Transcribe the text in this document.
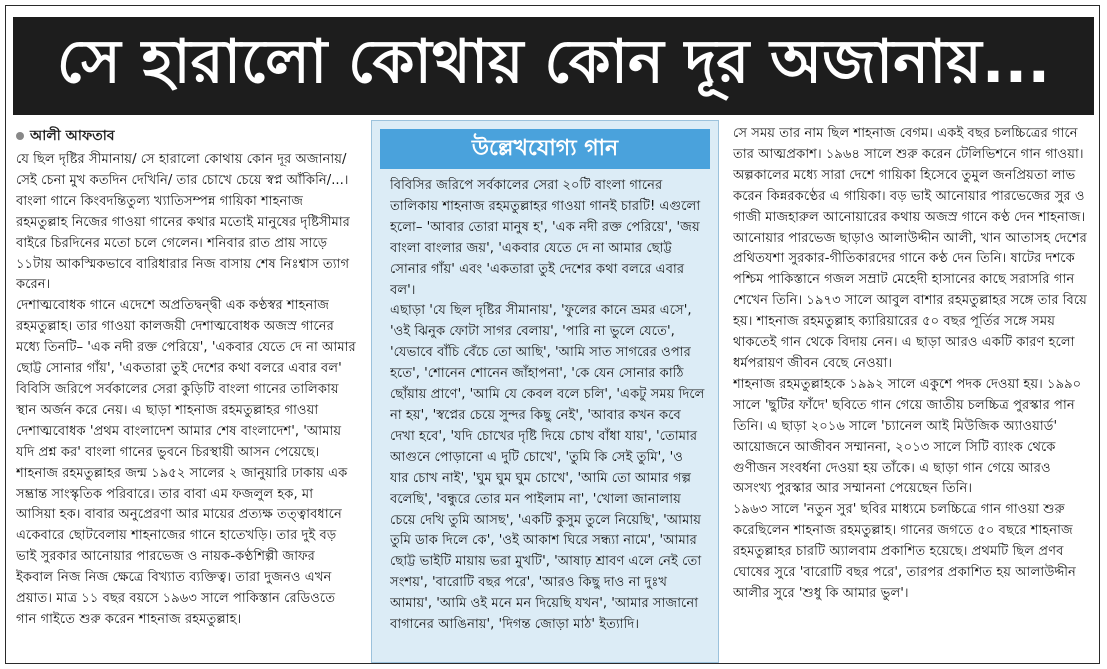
সে হারালো কোথায় কোন দূর অজানায়...
আলী আফতাব

যে ছিল দৃষ্টির সীমানায়/ সে হারালো কোথায় কোন দূর অজানায়/ সেই চেনা মুখ কতদিন দেখিনি/ তার চোখে চেয়ে স্বপ্ন আঁকিনি/...। বাংলা গানে কিংবদন্তিতুল্য খ্যাতিসম্পন্ন গায়িকা শাহনাজ রহমতুল্লাহ নিজের গাওয়া গানের কথার মতোই মানুষের দৃষ্টিসীমার বাইরে চিরদিনের মতো চলে গেলেন। শনিবার রাত প্রায় সাড়ে ১১টায় আকস্মিকভাবে বারিধারার নিজ বাসায় শেষ নিঃশ্বাস ত্যাগ করেন।

দেশাত্মবোধক গানে এদেশে অপ্রতিদ্বন্দ্বী এক কণ্ঠস্বর শাহনাজ রহমতুল্লাহ। তার গাওয়া কালজয়ী দেশাত্মবোধক অজস্র গানের মধ্যে তিনটি– 'এক নদী রক্ত পেরিয়ে', 'একবার যেতে দে না আমার ছোট্ট সোনার গাঁয়', 'একতারা তুই দেশের কথা বলরে এবার বল' বিবিসি জরিপে সর্বকালের সেরা কুড়িটি বাংলা গানের তালিকায় স্থান অর্জন করে নেয়। এ ছাড়া শাহনাজ রহমতুল্লাহর গাওয়া দেশাত্মবোধক 'প্রথম বাংলাদেশ আমার শেষ বাংলাদেশ', 'আমায় যদি প্রশ্ন কর' বাংলা গানের ভুবনে চিরস্থায়ী আসন পেয়েছে।

শাহনাজ রহমতুল্লাহর জন্ম ১৯৫২ সালের ২ জানুয়ারি ঢাকায় এক সম্ভ্রান্ত সাংস্কৃতিক পরিবারে। তার বাবা এম ফজলুল হক, মা আসিয়া হক। বাবার অনুপ্রেরণা আর মায়ের প্রত্যক্ষ তত্ত্বাবধানে একেবারে ছোটবেলায় শাহনাজের গানে হাতেখড়ি। তার দুই বড় ভাই সুরকার আনোয়ার পারভেজ ও নায়ক-কণ্ঠশিল্পী জাফর ইকবাল নিজ নিজ ক্ষেত্রে বিখ্যাত ব্যক্তিত্ব। তারা দুজনও এখন প্রয়াত। মাত্র ১১ বছর বয়সে ১৯৬৩ সালে পাকিস্তান রেডিওতে গান গাইতে শুরু করেন শাহনাজ রহমতুল্লাহ।

উল্লেখযোগ্য গান

বিবিসির জরিপে সর্বকালের সেরা ২০টি বাংলা গানের তালিকায় শাহনাজ রহমতুল্লাহর গাওয়া গানই চারটি! এগুলো হলো– 'আবার তোরা মানুষ হ', 'এক নদী রক্ত পেরিয়ে', 'জয় বাংলা বাংলার জয়', 'একবার যেতে দে না আমার ছোট্ট সোনার গাঁয়' এবং 'একতারা তুই দেশের কথা বলরে এবার বল'।

এছাড়া 'যে ছিল দৃষ্টির সীমানায়', 'ফুলের কানে ভ্রমর এসে', 'ওই ঝিনুক ফোটা সাগর বেলায়', 'পারি না ভুলে যেতে', 'যেভাবে বাঁচি বেঁচে তো আছি', 'আমি সাত সাগরের ওপার হতে', 'শোনেন শোনেন জাঁহাপনা', 'কে যেন সোনার কাঠি ছোঁয়ায় প্রাণে', 'আমি যে কেবল বলে চলি', 'একটু সময় দিলে না হয়', 'স্বপ্নের চেয়ে সুন্দর কিছু নেই', 'আবার কখন কবে দেখা হবে', 'যদি চোখের দৃষ্টি দিয়ে চোখ বাঁধা যায়', 'তোমার আগুনে পোড়ানো এ দুটি চোখে', 'তুমি কি সেই তুমি', 'ও যার চোখ নাই', 'ঘুম ঘুম ঘুম চোখে', 'আমি তো আমার গল্প বলেছি', 'বন্ধুরে তোর মন পাইলাম না', 'খোলা জানালায় চেয়ে দেখি তুমি আসছ', 'একটি কুসুম তুলে নিয়েছি', 'আমায় তুমি ডাক দিলে কে', 'ওই আকাশ ঘিরে সন্ধ্যা নামে', 'আমার ছোট্ট ভাইটি মায়ায় ভরা মুখটি', 'আষাঢ় শ্রাবণ এলে নেই তো সংশয়', 'বারোটি বছর পরে', 'আরও কিছু দাও না দুঃখ আমায়', 'আমি ওই মনে মন দিয়েছি যখন', 'আমার সাজানো বাগানের আঙিনায়', 'দিগন্ত জোড়া মাঠ' ইত্যাদি।

সে সময় তার নাম ছিল শাহনাজ বেগম। একই বছর চলচ্চিত্রের গানে তার আত্মপ্রকাশ। ১৯৬৪ সালে শুরু করেন টেলিভিশনে গান গাওয়া। অল্পকালের মধ্যে সারা দেশে গায়িকা হিসেবে তুমুল জনপ্রিয়তা লাভ করেন কিন্নরকণ্ঠের এ গায়িকা। বড় ভাই আনোয়ার পারভেজের সুর ও গাজী মাজহারুল আনোয়ারের কথায় অজস্র গানে কণ্ঠ দেন শাহনাজ। আনোয়ার পারভেজ ছাড়াও আলাউদ্দীন আলী, খান আতাসহ দেশের প্রথিতযশা সুরকার-গীতিকারদের গানে কণ্ঠ দেন তিনি। ষাটের দশকে পশ্চিম পাকিস্তানে গজল সম্রাট মেহেদী হাসানের কাছে সরাসরি গান শেখেন তিনি। ১৯৭৩ সালে আবুল বাশার রহমতুল্লাহর সঙ্গে তার বিয়ে হয়। শাহনাজ রহমতুল্লাহ ক্যারিয়ারের ৫০ বছর পূর্তির সঙ্গে সময় থাকতেই গান থেকে বিদায় নেন। এ ছাড়া আরও একটি কারণ হলো ধর্মপরায়ণ জীবন বেছে নেওয়া।

শাহনাজ রহমতুল্লাহকে ১৯৯২ সালে একুশে পদক দেওয়া হয়। ১৯৯০ সালে 'ছুটির ফাঁদে' ছবিতে গান গেয়ে জাতীয় চলচ্চিত্র পুরস্কার পান তিনি। এ ছাড়া ২০১৬ সালে 'চ্যানেল আই মিউজিক অ্যাওয়ার্ড' আয়োজনে আজীবন সম্মাননা, ২০১৩ সালে সিটি ব্যাংক থেকে গুণীজন সংবর্ধনা দেওয়া হয় তাঁকে। এ ছাড়া গান গেয়ে আরও অসংখ্য পুরস্কার আর সম্মাননা পেয়েছেন তিনি।

১৯৬৩ সালে 'নতুন সুর' ছবির মাধ্যমে চলচ্চিত্রে গান গাওয়া শুরু করেছিলেন শাহনাজ রহমতুল্লাহ। গানের জগতে ৫০ বছরে শাহনাজ রহমতুল্লাহর চারটি অ্যালবাম প্রকাশিত হয়েছে। প্রথমটি ছিল প্রণব ঘোষের সুরে 'বারোটি বছর পরে', তারপর প্রকাশিত হয় আলাউদ্দীন আলীর সুরে 'শুধু কি আমার ভুল'।
